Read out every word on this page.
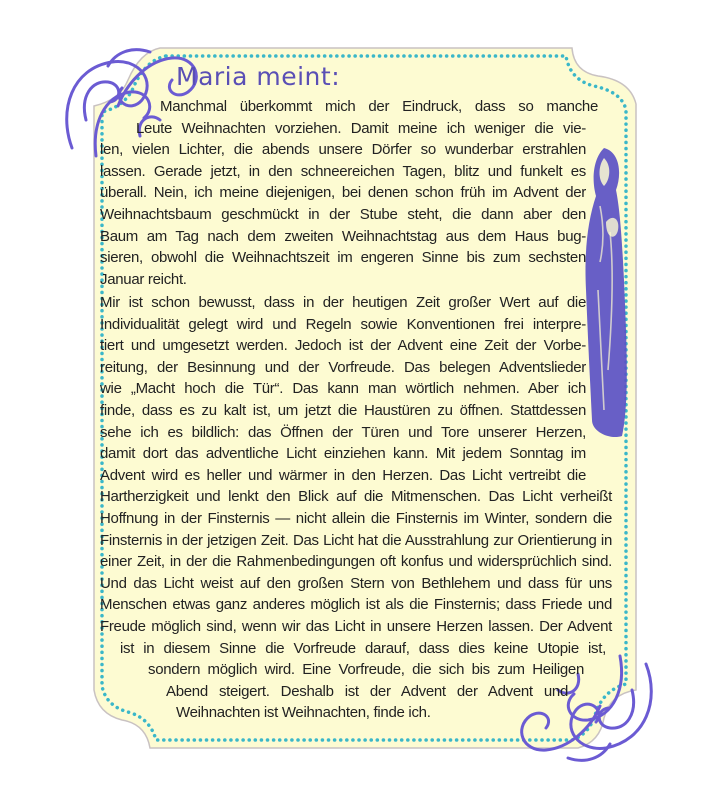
Maria meint:
Manchmal überkommt mich der Eindruck, dass so manche
Leute Weihnachten vorziehen. Damit meine ich weniger die vie-
len, vielen Lichter, die abends unsere Dörfer so wunderbar erstrahlen
lassen. Gerade jetzt, in den schneereichen Tagen, blitz und funkelt es
überall. Nein, ich meine diejenigen, bei denen schon früh im Advent der
Weihnachtsbaum geschmückt in der Stube steht, die dann aber den
Baum am Tag nach dem zweiten Weihnachtstag aus dem Haus bug-
sieren, obwohl die Weihnachtszeit im engeren Sinne bis zum sechsten
Januar reicht.
Mir ist schon bewusst, dass in der heutigen Zeit großer Wert auf die
Individualität gelegt wird und Regeln sowie Konventionen frei interpre-
tiert und umgesetzt werden. Jedoch ist der Advent eine Zeit der Vorbe-
reitung, der Besinnung und der Vorfreude. Das belegen Adventslieder
wie „Macht hoch die Tür“. Das kann man wörtlich nehmen. Aber ich
finde, dass es zu kalt ist, um jetzt die Haustüren zu öffnen. Stattdessen
sehe ich es bildlich: das Öffnen der Türen und Tore unserer Herzen,
damit dort das adventliche Licht einziehen kann. Mit jedem Sonntag im
Advent wird es heller und wärmer in den Herzen. Das Licht vertreibt die
Hartherzigkeit und lenkt den Blick auf die Mitmenschen. Das Licht verheißt
Hoffnung in der Finsternis — nicht allein die Finsternis im Winter, sondern die
Finsternis in der jetzigen Zeit. Das Licht hat die Ausstrahlung zur Orientierung in
einer Zeit, in der die Rahmenbedingungen oft konfus und widersprüchlich sind.
Und das Licht weist auf den großen Stern von Bethlehem und dass für uns
Menschen etwas ganz anderes möglich ist als die Finsternis; dass Friede und
Freude möglich sind, wenn wir das Licht in unsere Herzen lassen. Der Advent
ist in diesem Sinne die Vorfreude darauf, dass dies keine Utopie ist,
sondern möglich wird. Eine Vorfreude, die sich bis zum Heiligen
Abend steigert. Deshalb ist der Advent der Advent und
Weihnachten ist Weihnachten, finde ich.
